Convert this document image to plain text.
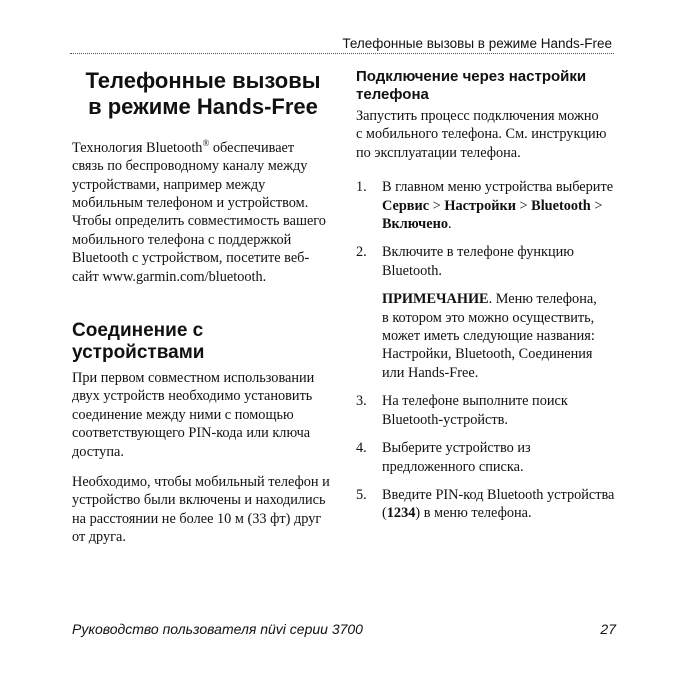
Телефонные вызовы в режиме Hands-Free
Телефонные вызовы
в режиме Hands-Free

Технология Bluetooth® обеспечивает
связь по беспроводному каналу между
устройствами, например между
мобильным телефоном и устройством.
Чтобы определить совместимость вашего
мобильного телефона с поддержкой
Bluetooth с устройством, посетите веб-
сайт www.garmin.com/bluetooth.

Соединение с
устройствами

При первом совместном использовании
двух устройств необходимо установить
соединение между ними с помощью
соответствующего PIN-кода или ключа
доступа.

Необходимо, чтобы мобильный телефон и
устройство были включены и находились
на расстоянии не более 10 м (33 фт) друг
от друга.

Подключение через настройки
телефона

Запустить процесс подключения можно
с мобильного телефона. См. инструкцию
по эксплуатации телефона.

1.	В главном меню устройства выберите
Сервис > Настройки > Bluetooth >
Включено.
2.	Включите в телефоне функцию
Bluetooth.
ПРИМЕЧАНИЕ. Меню телефона,
в котором это можно осуществить,
может иметь следующие названия:
Настройки, Bluetooth, Соединения
или Hands-Free.
3.	На телефоне выполните поиск
Bluetooth-устройств.
4.	Выберите устройство из
предложенного списка.
5.	Введите PIN-код Bluetooth устройства
(1234) в меню телефона.
Руководство пользователя nüvi серии 3700	27
